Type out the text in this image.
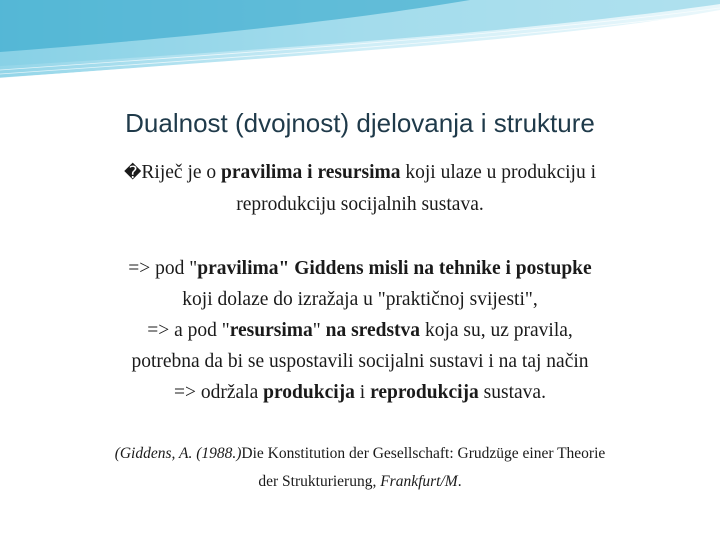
Dualnost (dvojnost) djelovanja i strukture
�Riječ je o pravilima i resursima koji ulaze u produkciju i
reprodukciju socijalnih sustava.
=> pod "pravilima" Giddens misli na tehnike i postupke
koji dolaze do izražaja u "praktičnoj svijesti",
=> a pod "resursima" na sredstva koja su, uz pravila,
potrebna da bi se uspostavili socijalni sustavi i na taj način
=> održala produkcija i reprodukcija sustava.
(Giddens, A. (1988.)Die Konstitution der Gesellschaft: Grudzüge einer Theorie
der Strukturierung, Frankfurt/M.
